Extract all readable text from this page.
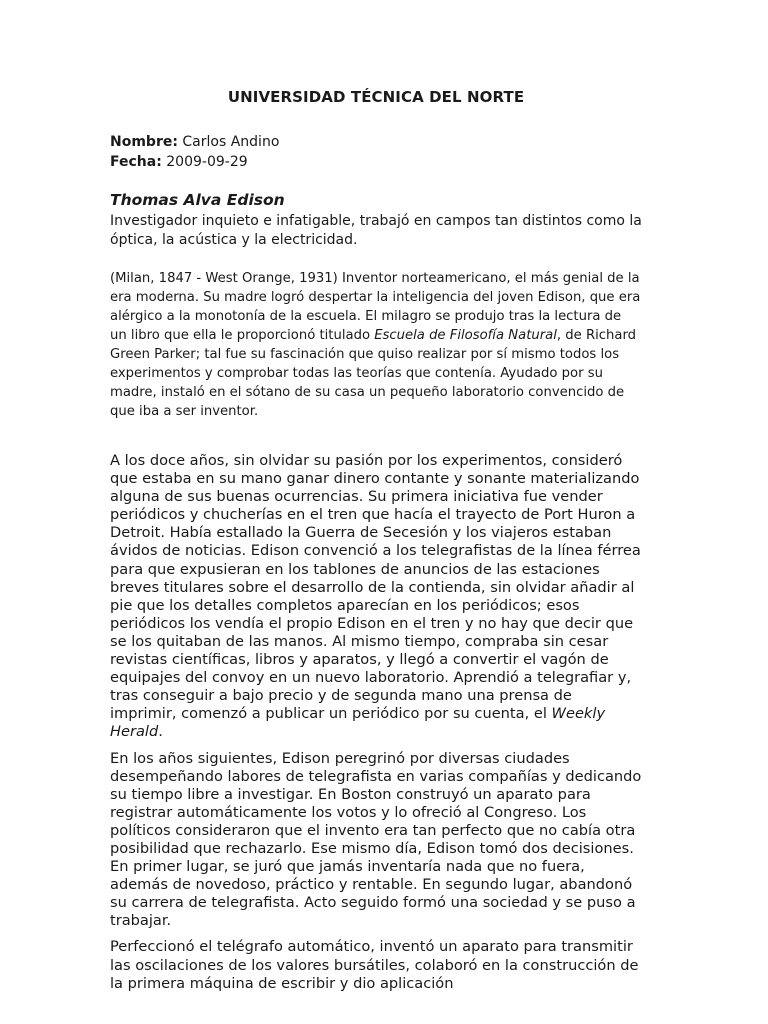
UNIVERSIDAD TÉCNICA DEL NORTE

Nombre: Carlos Andino

Fecha: 2009-09-29

Thomas Alva Edison

Investigador inquieto e infatigable, trabajó en campos tan distintos como la óptica, la acústica y la electricidad.

(Milan, 1847 - West Orange, 1931) Inventor norteamericano, el más genial de la era moderna. Su madre logró despertar la inteligencia del joven Edison, que era alérgico a la monotonía de la escuela. El milagro se produjo tras la lectura de un libro que ella le proporcionó titulado Escuela de Filosofía Natural, de Richard Green Parker; tal fue su fascinación que quiso realizar por sí mismo todos los experimentos y comprobar todas las teorías que contenía. Ayudado por su madre, instaló en el sótano de su casa un pequeño laboratorio convencido de que iba a ser inventor.

A los doce años, sin olvidar su pasión por los experimentos, consideró que estaba en su mano ganar dinero contante y sonante materializando alguna de sus buenas ocurrencias. Su primera iniciativa fue vender periódicos y chucherías en el tren que hacía el trayecto de Port Huron a Detroit. Había estallado la Guerra de Secesión y los viajeros estaban ávidos de noticias. Edison convenció a los telegrafistas de la línea férrea para que expusieran en los tablones de anuncios de las estaciones breves titulares sobre el desarrollo de la contienda, sin olvidar añadir al pie que los detalles completos aparecían en los periódicos; esos periódicos los vendía el propio Edison en el tren y no hay que decir que se los quitaban de las manos. Al mismo tiempo, compraba sin cesar revistas científicas, libros y aparatos, y llegó a convertir el vagón de equipajes del convoy en un nuevo laboratorio. Aprendió a telegrafiar y, tras conseguir a bajo precio y de segunda mano una prensa de imprimir, comenzó a publicar un periódico por su cuenta, el Weekly Herald.

En los años siguientes, Edison peregrinó por diversas ciudades desempeñando labores de telegrafista en varias compañías y dedicando su tiempo libre a investigar. En Boston construyó un aparato para registrar automáticamente los votos y lo ofreció al Congreso. Los políticos consideraron que el invento era tan perfecto que no cabía otra posibilidad que rechazarlo. Ese mismo día, Edison tomó dos decisiones. En primer lugar, se juró que jamás inventaría nada que no fuera, además de novedoso, práctico y rentable. En segundo lugar, abandonó su carrera de telegrafista. Acto seguido formó una sociedad y se puso a trabajar.

Perfeccionó el telégrafo automático, inventó un aparato para transmitir las oscilaciones de los valores bursátiles, colaboró en la construcción de la primera máquina de escribir y dio aplicación
